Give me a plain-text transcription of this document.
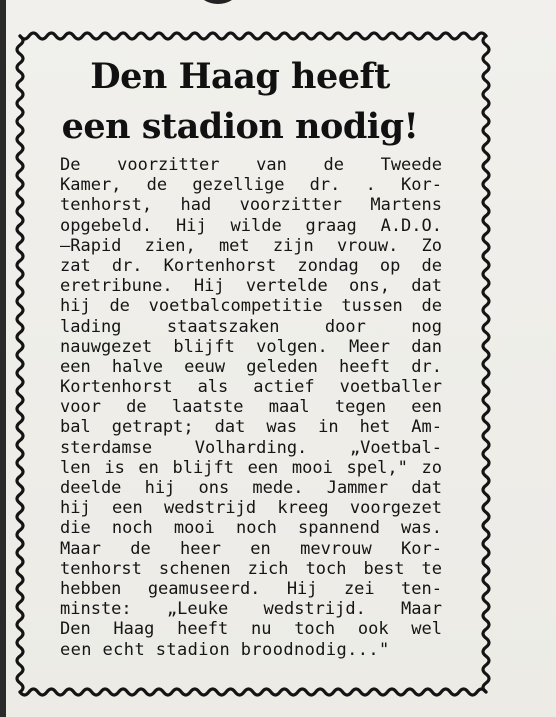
Den Haag heeft
een stadion nodig!
De voorzitter van de Tweede
Kamer, de gezellige dr. . Kor-
tenhorst, had voorzitter Martens
opgebeld. Hij wilde graag A.D.O.
—Rapid zien, met zijn vrouw. Zo
zat dr. Kortenhorst zondag op de
eretribune. Hij vertelde ons, dat
hij de voetbalcompetitie tussen de
lading staatszaken door nog
nauwgezet blijft volgen. Meer dan
een halve eeuw geleden heeft dr.
Kortenhorst als actief voetballer
voor de laatste maal tegen een
bal getrapt; dat was in het Am-
sterdamse Volharding. „Voetbal-
len is en blijft een mooi spel," zo
deelde hij ons mede. Jammer dat
hij een wedstrijd kreeg voorgezet
die noch mooi noch spannend was.
Maar de heer en mevrouw Kor-
tenhorst schenen zich toch best te
hebben geamuseerd. Hij zei ten-
minste: „Leuke wedstrijd. Maar
Den Haag heeft nu toch ook wel
een echt stadion broodnodig..."
